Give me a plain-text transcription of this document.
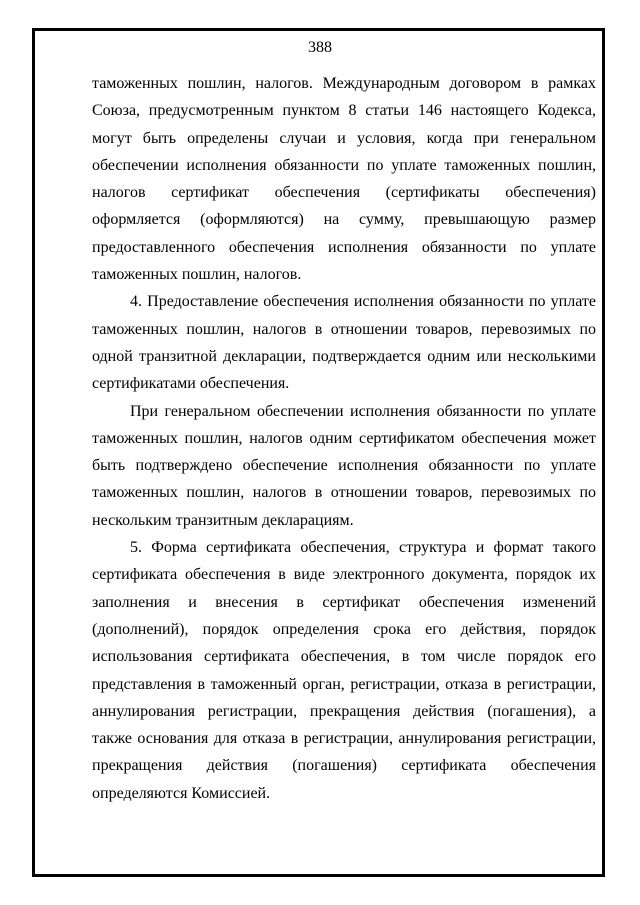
388

таможенных пошлин, налогов. Международным договором в рамках Союза, предусмотренным пунктом 8 статьи 146 настоящего Кодекса, могут быть определены случаи и условия, когда при генеральном обеспечении исполнения обязанности по уплате таможенных пошлин, налогов сертификат обеспечения (сертификаты обеспечения) оформляется (оформляются) на сумму, превышающую размер предоставленного обеспечения исполнения обязанности по уплате таможенных пошлин, налогов.

4. Предоставление обеспечения исполнения обязанности по уплате таможенных пошлин, налогов в отношении товаров, перевозимых по одной транзитной декларации, подтверждается одним или несколькими сертификатами обеспечения.

При генеральном обеспечении исполнения обязанности по уплате таможенных пошлин, налогов одним сертификатом обеспечения может быть подтверждено обеспечение исполнения обязанности по уплате таможенных пошлин, налогов в отношении товаров, перевозимых по нескольким транзитным декларациям.

5. Форма сертификата обеспечения, структура и формат такого сертификата обеспечения в виде электронного документа, порядок их заполнения и внесения в сертификат обеспечения изменений (дополнений), порядок определения срока его действия, порядок использования сертификата обеспечения, в том числе порядок его представления в таможенный орган, регистрации, отказа в регистрации, аннулирования регистрации, прекращения действия (погашения), а также основания для отказа в регистрации, аннулирования регистрации, прекращения действия (погашения) сертификата обеспечения определяются Комиссией.
